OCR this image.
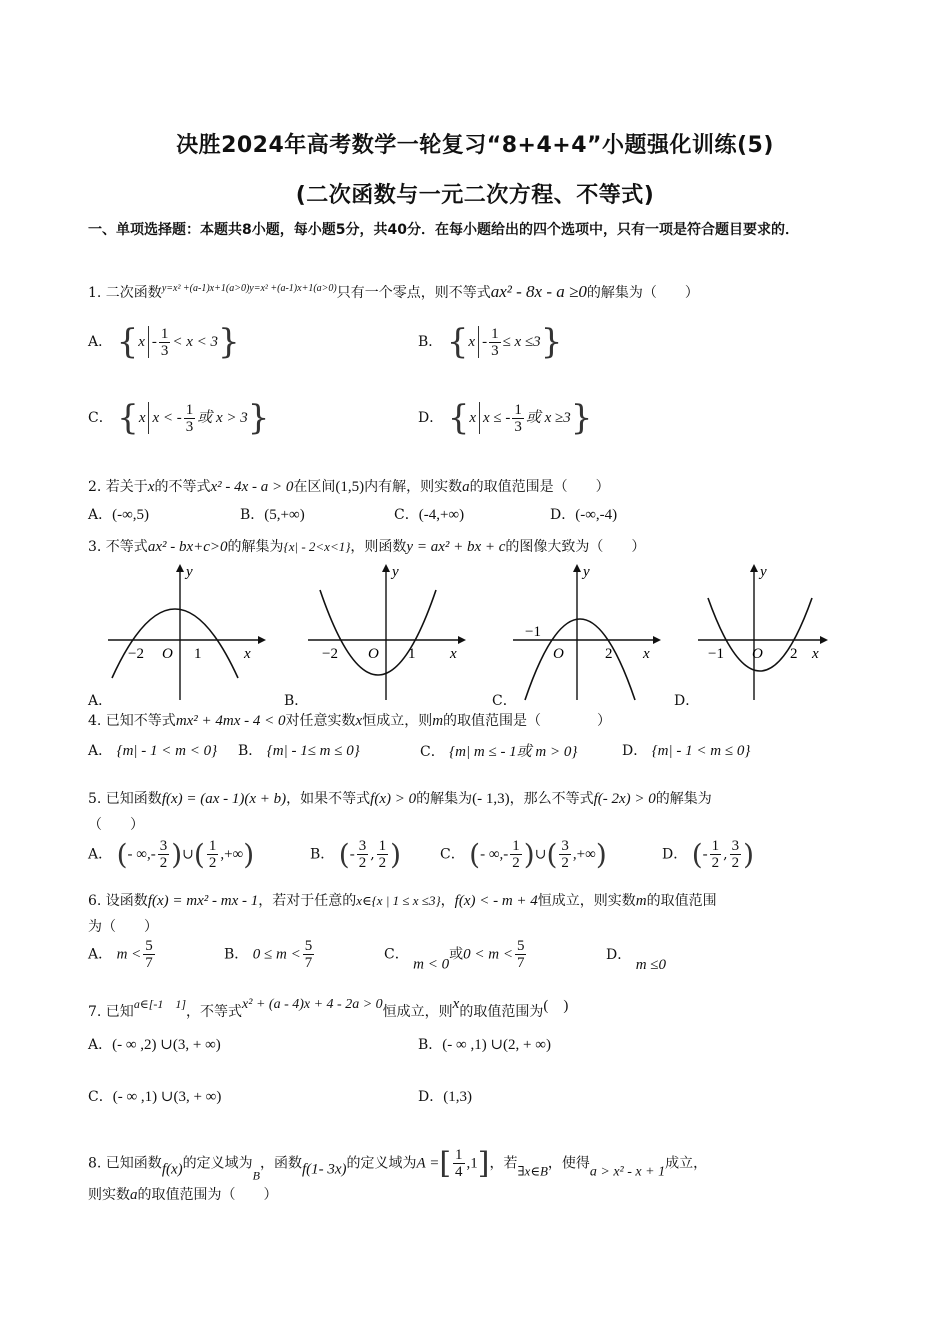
决胜2024年高考数学一轮复习“8+4+4”小题强化训练(5)
(二次函数与一元二次方程、不等式)
一、单项选择题：本题共8小题，每小题5分，共40分．在每小题给出的四个选项中，只有一项是符合题目要求的．
1. 二次函数$^{y=x^2 +(a-1)x+1(a>0)y=x^2 +(a-1)x+1(a>0)}$只有一个零点，则不等式ax² - 8x - a ≥0的解集为（　　）
A． $\{x - \frac{1}{3} < x < 3\}$	B． $\{x - \frac{1}{3} \le x \le 3\}$
C． {x x < - $\frac{1}{3}$ 或 x > 3}	D． {x x ≤ - $\frac{1}{3}$ 或 x ≥3}
2. 若关于x的不等式x² - 4x - a > 0在区间(1,5)内有解，则实数a的取值范围是（　　）
A．(-∞,5)	B．(5,+∞)	C．(-4,+∞)	D．(-∞,-4)
3. 不等式ax² - bx+c>0的解集为{x| - 2<x<1}，则函数y = ax² + bx + c的图像大致为（　　）
−2 O 1
y
x
A．
−2 O 1
y
x
B．
−1
O	2
y
x
C．
−1 O 2
y
x
D．
4. 已知不等式mx² + 4mx - 4 < 0对任意实数x恒成立，则m的取值范围是（　　　　）
A． {m| - 1 < m < 0} B． {m| - 1≤ m ≤ 0}	C． {m| m ≤ - 1或 m > 0}	D． {m| - 1 < m ≤ 0}
5. 已知函数f(x) = (ax - 1)(x + b)，如果不等式f(x) > 0的解集为(- 1,3)，那么不等式f(- 2x) > 0的解集为
（　　）
A． (- ∞,- $\frac{3}{2}$ )∪( $\frac{1}{2}$ ,+∞)	B． (- $\frac{3}{2}$ , $\frac{1}{2}$ )	C． (- ∞,- $\frac{1}{2}$ )∪( $\frac{3}{2}$ ,+∞)	D． (- $\frac{1}{2}$ , $\frac{3}{2}$ )
6. 设函数f(x) = mx² - mx - 1，若对于任意的x∈{x | 1 ≤ x ≤3}，f(x) < - m + 4恒成立，则实数m的取值范围
为（　　）
A． $m < \frac{5}{7}$	B． $0 \le m < \frac{5}{7}$	C． m < 0或$0 < m < \frac{5}{7}$	D． m ≤0
7. 已知a∈[-1　1]，不等式x² + (a - 4)x + 4 - 2a > 0恒成立，则x的取值范围为(　)
A．(- ∞ ,2) ∪(3, + ∞)	B．(- ∞ ,1) ∪(2, + ∞)
C．(- ∞ ,1) ∪(3, + ∞)	D．(1,3)
8. 已知函数f(x)的定义域为B，函数f(1- 3x)的定义域为A =[ $\frac{1}{4} ,1$]，若∃x∈B，使得a > x² - x + 1成立，
则实数a的取值范围为（　　）
